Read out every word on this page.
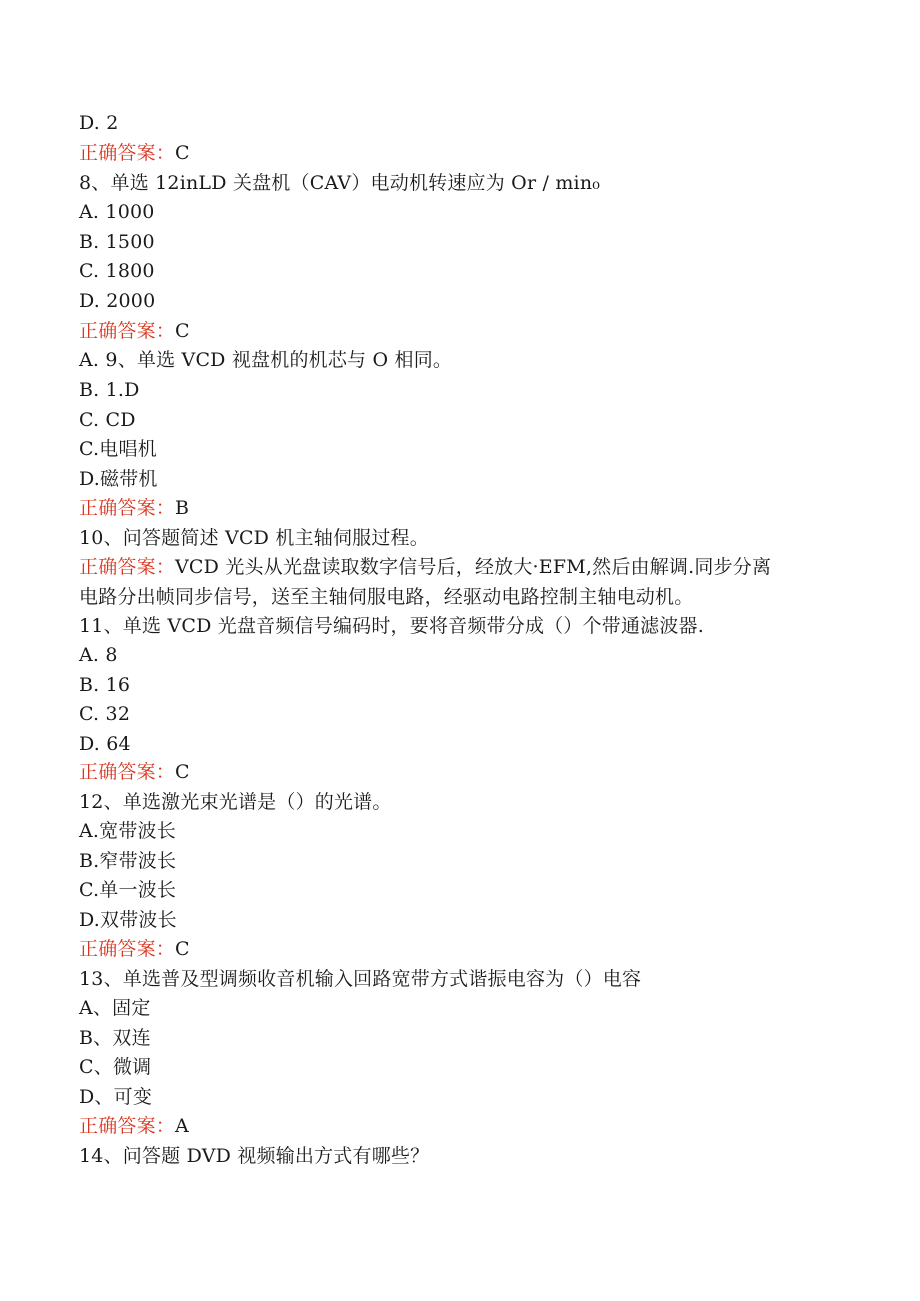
D. 2
正确答案：C
8、单选 12inLD 关盘机（CAV）电动机转速应为 Or / min₀
A. 1000
B. 1500
C. 1800
D. 2000
正确答案：C
A. 9、单选 VCD 视盘机的机芯与 O 相同。
B. 1.D
C. CD
C.电唱机
D.磁带机
正确答案：B
10、问答题简述 VCD 机主轴伺服过程。
正确答案：VCD 光头从光盘读取数字信号后，经放大·EFM,然后由解调.同步分离
电路分出帧同步信号，送至主轴伺服电路，经驱动电路控制主轴电动机。
11、单选 VCD 光盘音频信号编码时，要将音频带分成（）个带通滤波器.
A. 8
B. 16
C. 32
D. 64
正确答案：C
12、单选激光束光谱是（）的光谱。
A.宽带波长
B.窄带波长
C.单一波长
D.双带波长
正确答案：C
13、单选普及型调频收音机输入回路宽带方式谐振电容为（）电容
A、固定
B、双连
C、微调
D、可变
正确答案：A
14、问答题 DVD 视频输出方式有哪些？
